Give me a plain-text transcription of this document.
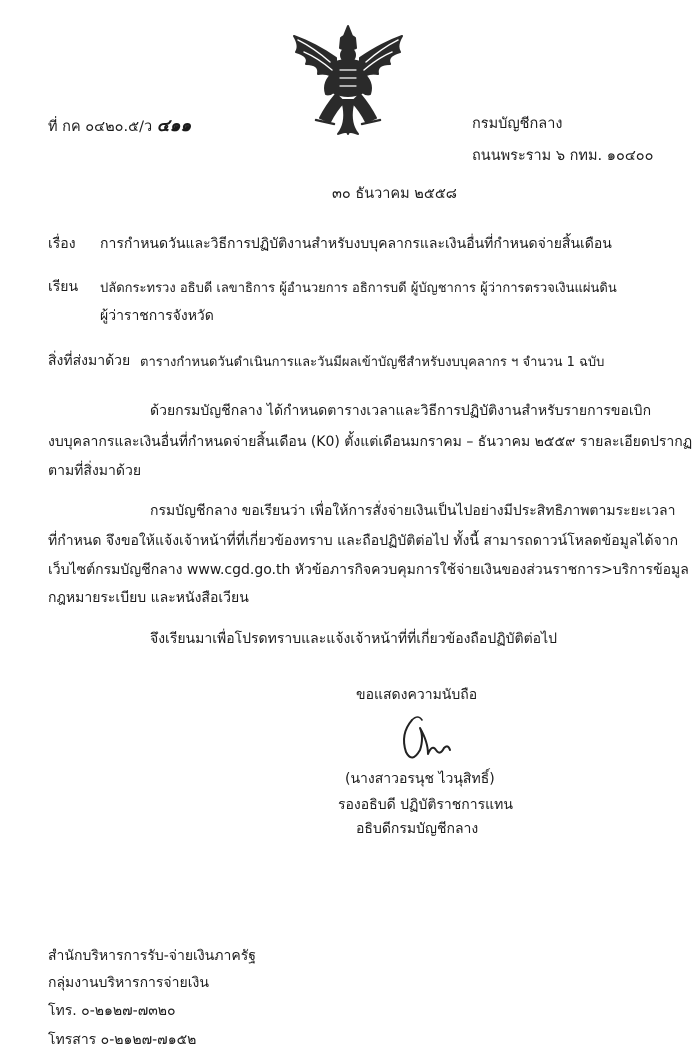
ที่ กค ๐๔๒๐.๕/ว ๔๑๑	กรมบัญชีกลาง
ถนนพระราม ๖ กทม. ๑๐๔๐๐
๓๐ ธันวาคม ๒๕๕๘
เรื่อง การกำหนดวันและวิธีการปฏิบัติงานสำหรับงบบุคลากรและเงินอื่นที่กำหนดจ่ายสิ้นเดือน
เรียน ปลัดกระทรวง อธิบดี เลขาธิการ ผู้อำนวยการ อธิการบดี ผู้บัญชาการ ผู้ว่าการตรวจเงินแผ่นดิน
ผู้ว่าราชการจังหวัด
สิ่งที่ส่งมาด้วย ตารางกำหนดวันดำเนินการและวันมีผลเข้าบัญชีสำหรับงบบุคลากร ฯ จำนวน 1 ฉบับ
ด้วยกรมบัญชีกลาง ได้กำหนดตารางเวลาและวิธีการปฏิบัติงานสำหรับรายการขอเบิก
งบบุคลากรและเงินอื่นที่กำหนดจ่ายสิ้นเดือน (K0) ตั้งแต่เดือนมกราคม – ธันวาคม ๒๕๕๙ รายละเอียดปรากฏ
ตามที่สิ่งมาด้วย
กรมบัญชีกลาง ขอเรียนว่า เพื่อให้การสั่งจ่ายเงินเป็นไปอย่างมีประสิทธิภาพตามระยะเวลา
ที่กำหนด จึงขอให้แจ้งเจ้าหน้าที่ที่เกี่ยวข้องทราบ และถือปฏิบัติต่อไป ทั้งนี้ สามารถดาวน์โหลดข้อมูลได้จาก
เว็บไซต์กรมบัญชีกลาง www.cgd.go.th หัวข้อภารกิจควบคุมการใช้จ่ายเงินของส่วนราชการ>บริการข้อมูล
กฎหมายระเบียบ และหนังสือเวียน
จึงเรียนมาเพื่อโปรดทราบและแจ้งเจ้าหน้าที่ที่เกี่ยวข้องถือปฏิบัติต่อไป
ขอแสดงความนับถือ
(นางสาวอรนุช ไวนุสิทธิ์)
รองอธิบดี ปฏิบัติราชการแทน
อธิบดีกรมบัญชีกลาง
สำนักบริหารการรับ-จ่ายเงินภาครัฐ
กลุ่มงานบริหารการจ่ายเงิน
โทร. ๐-๒๑๒๗-๗๓๒๐
โทรสาร ๐-๒๑๒๗-๗๑๕๒
